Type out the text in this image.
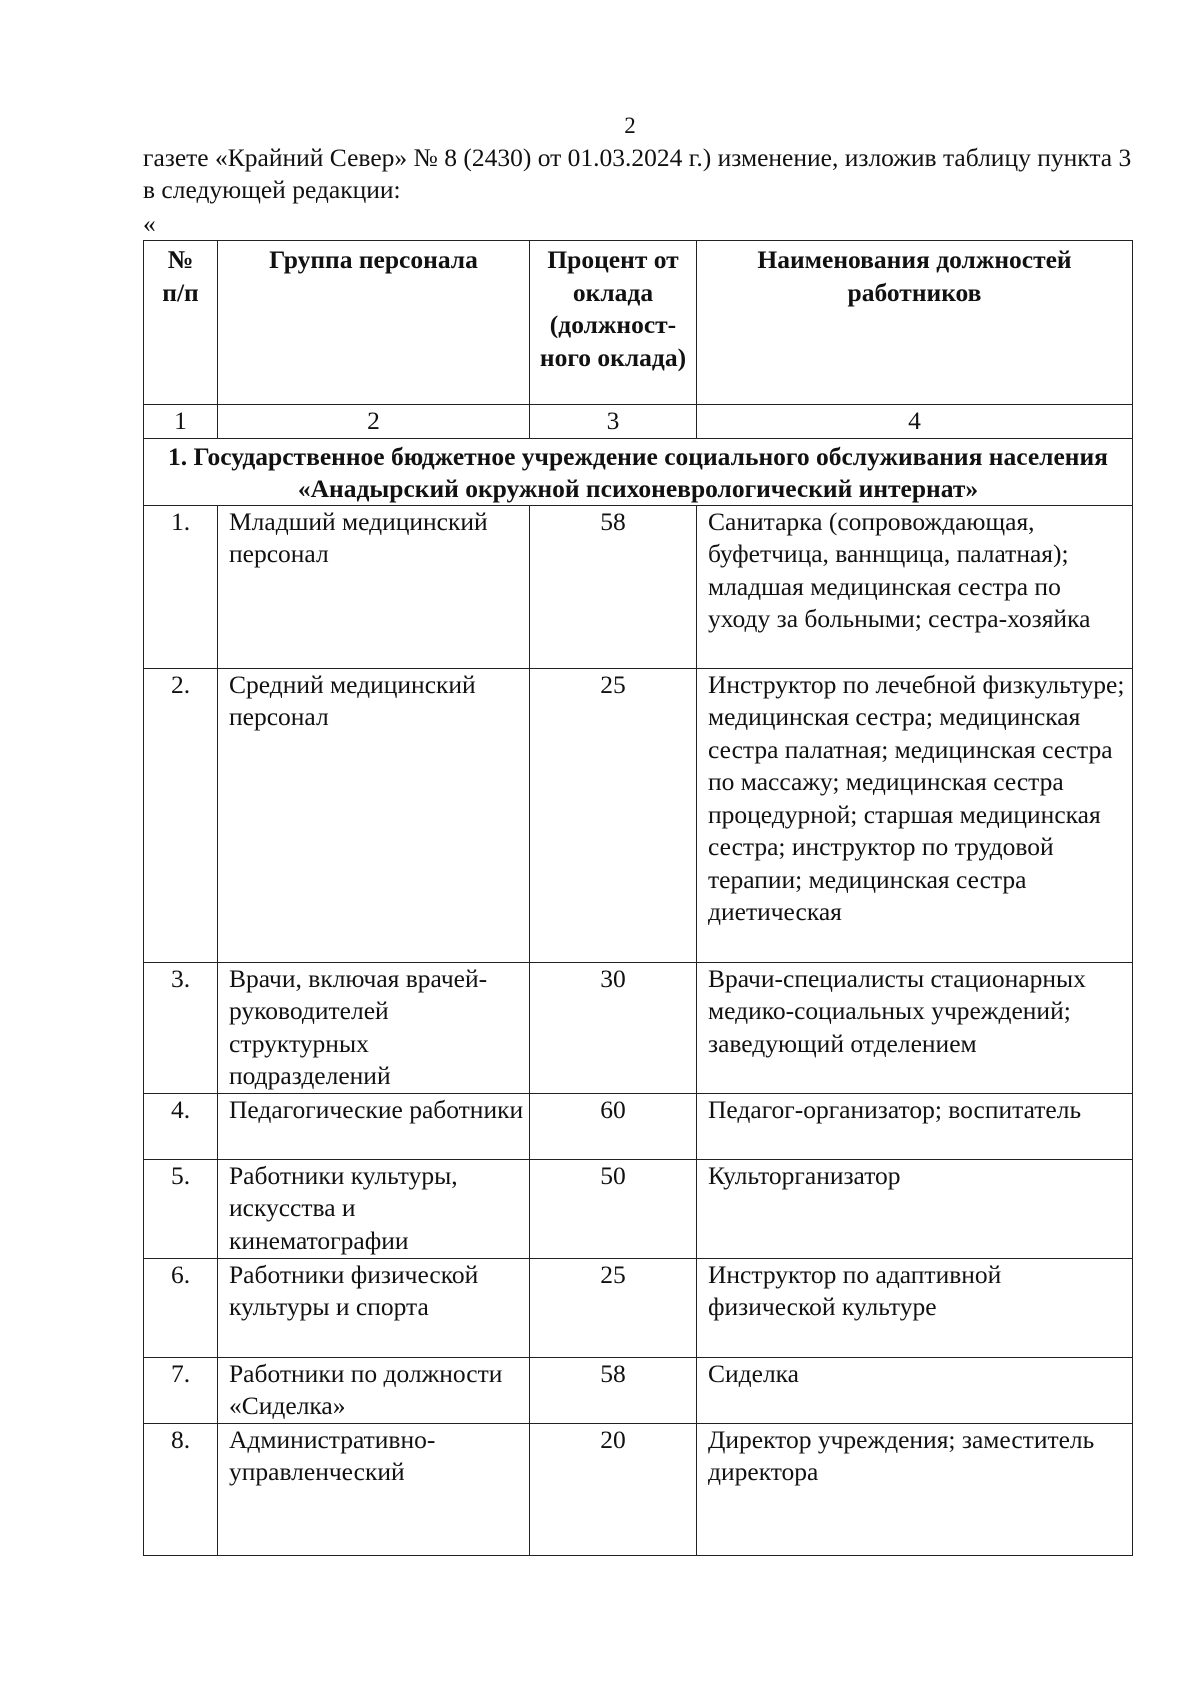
2

газете «Крайний Север» № 8 (2430) от 01.03.2024 г.) изменение, изложив таблицу пункта 3 в следующей редакции:

«
№ п/п	Группа персонала	Процент от оклада (должност-ного оклада)	Наименования должностей работников
1	2	3	4
1. Государственное бюджетное учреждение социального обслуживания населения «Анадырский окружной психоневрологический интернат»			
1.	Младший медицинский персонал	58	Санитарка (сопровождающая, буфетчица, ваннщица, палатная); младшая медицинская сестра по уходу за больными; сестра-хозяйка
2.	Средний медицинский персонал	25	Инструктор по лечебной физкультуре; медицинская сестра; медицинская сестра палатная; медицинская сестра по массажу; медицинская сестра процедурной; старшая медицинская сестра; инструктор по трудовой терапии; медицинская сестра диетическая
3.	Врачи, включая врачей-руководителей структурных подразделений	30	Врачи-специалисты стационарных медико-социальных учреждений; заведующий отделением
4.	Педагогические работники	60	Педагог-организатор; воспитатель
5.	Работники культуры, искусства и кинематографии	50	Культорганизатор
6.	Работники физической культуры и спорта	25	Инструктор по адаптивной физической культуре
7.	Работники по должности «Сиделка»	58	Сиделка
8.	Административно-управленческий	20	Директор учреждения; заместитель директора
